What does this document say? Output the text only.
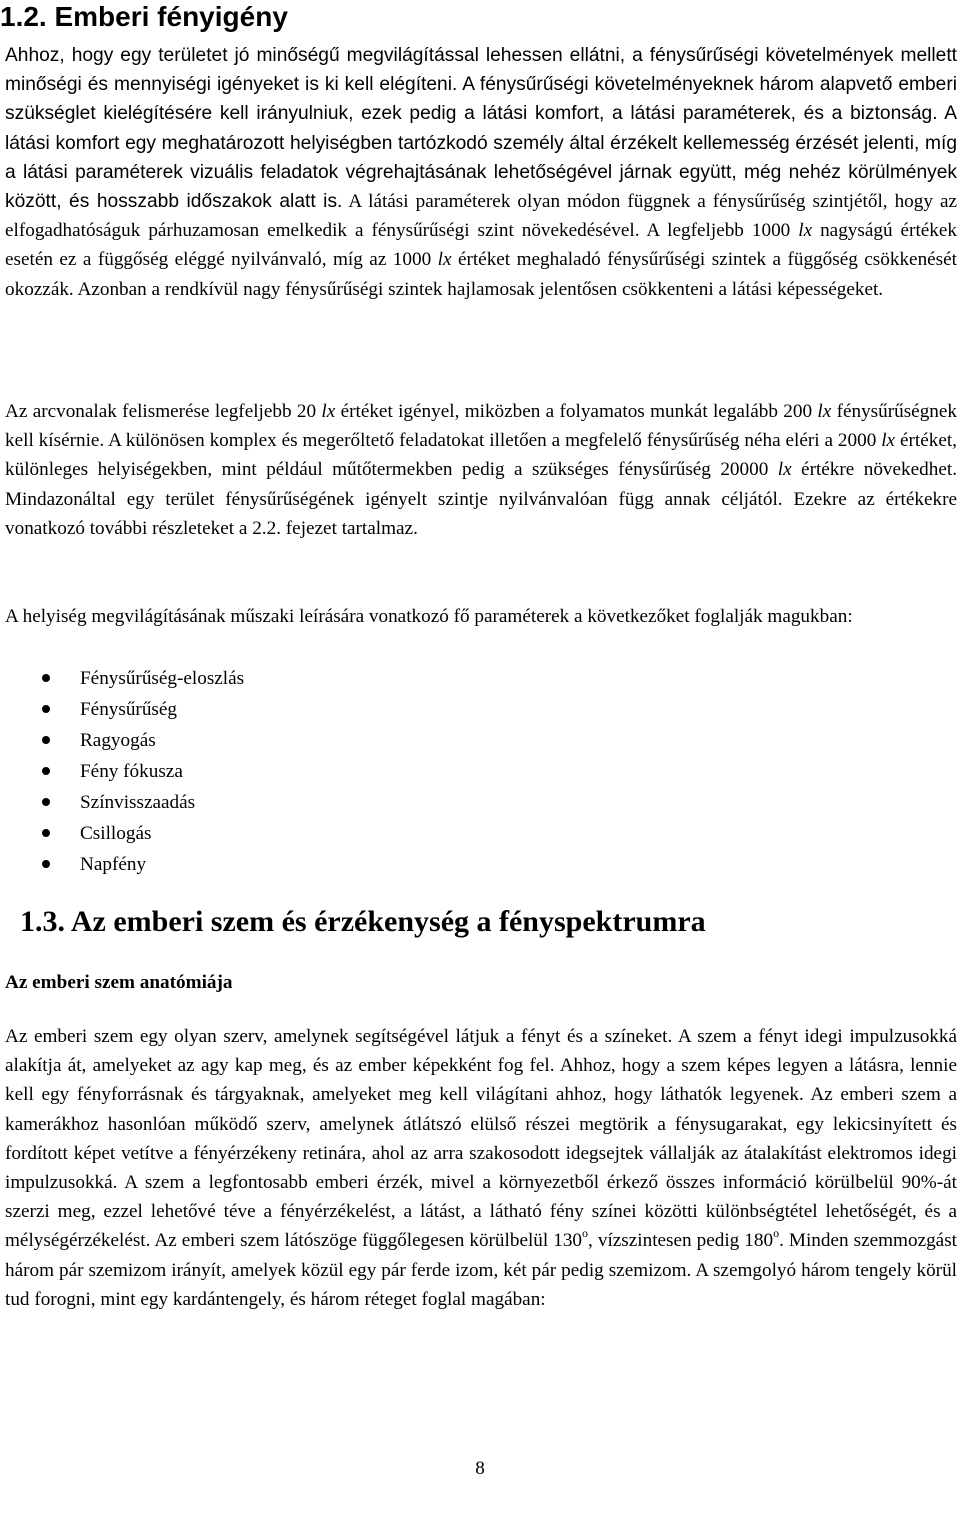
1.2. Emberi fényigény

Ahhoz, hogy egy területet jó minőségű megvilágítással lehessen ellátni, a fénysűrűségi követelmények mellett minőségi és mennyiségi igényeket is ki kell elégíteni. A fénysűrűségi követelményeknek három alapvető emberi szükséglet kielégítésére kell irányulniuk, ezek pedig a látási komfort, a látási paraméterek, és a biztonság. A látási komfort egy meghatározott helyiségben tartózkodó személy által érzékelt kellemesség érzését jelenti, míg a látási paraméterek vizuális feladatok végrehajtásának lehetőségével járnak együtt, még nehéz körülmények között, és hosszabb időszakok alatt is. A látási paraméterek olyan módon függnek a fénysűrűség szintjétől, hogy az elfogadhatóságuk párhuzamosan emelkedik a fénysűrűségi szint növekedésével. A legfeljebb 1000 lx nagyságú értékek esetén ez a függőség eléggé nyilvánvaló, míg az 1000 lx értéket meghaladó fénysűrűségi szintek a függőség csökkenését okozzák. Azonban a rendkívül nagy fénysűrűségi szintek hajlamosak jelentősen csökkenteni a látási képességeket.

Az arcvonalak felismerése legfeljebb 20 lx értéket igényel, miközben a folyamatos munkát legalább 200 lx fénysűrűségnek kell kísérnie. A különösen komplex és megerőltető feladatokat illetően a megfelelő fénysűrűség néha eléri a 2000 lx értéket, különleges helyiségekben, mint például műtőtermekben pedig a szükséges fénysűrűség 20000 lx értékre növekedhet. Mindazonáltal egy terület fénysűrűségének igényelt szintje nyilvánvalóan függ annak céljától. Ezekre az értékekre vonatkozó további részleteket a 2.2. fejezet tartalmaz.

A helyiség megvilágításának műszaki leírására vonatkozó fő paraméterek a következőket foglalják magukban:

Fénysűrűség-eloszlás
Fénysűrűség
Ragyogás
Fény fókusza
Színvisszaadás
Csillogás
Napfény
1.3. Az emberi szem és érzékenység a fényspektrumra
Az emberi szem anatómiája

Az emberi szem egy olyan szerv, amelynek segítségével látjuk a fényt és a színeket. A szem a fényt idegi impulzusokká alakítja át, amelyeket az agy kap meg, és az ember képekként fog fel. Ahhoz, hogy a szem képes legyen a látásra, lennie kell egy fényforrásnak és tárgyaknak, amelyeket meg kell világítani ahhoz, hogy láthatók legyenek. Az emberi szem a kamerákhoz hasonlóan működő szerv, amelynek átlátszó elülső részei megtörik a fénysugarakat, egy lekicsinyített és fordított képet vetítve a fényérzékeny retinára, ahol az arra szakosodott idegsejtek vállalják az átalakítást elektromos idegi impulzusokká. A szem a legfontosabb emberi érzék, mivel a környezetből érkező összes információ körülbelül 90%-át szerzi meg, ezzel lehetővé téve a fényérzékelést, a látást, a látható fény színei közötti különbségtétel lehetőségét, és a mélységérzékelést. Az emberi szem látószöge függőlegesen körülbelül 130$^o$, vízszintesen pedig 180$^o$. Minden szemmozgást három pár szemizom irányít, amelyek közül egy pár ferde izom, két pár pedig szemizom. A szemgolyó három tengely körül tud forogni, mint egy kardántengely, és három réteget foglal magában:

8
